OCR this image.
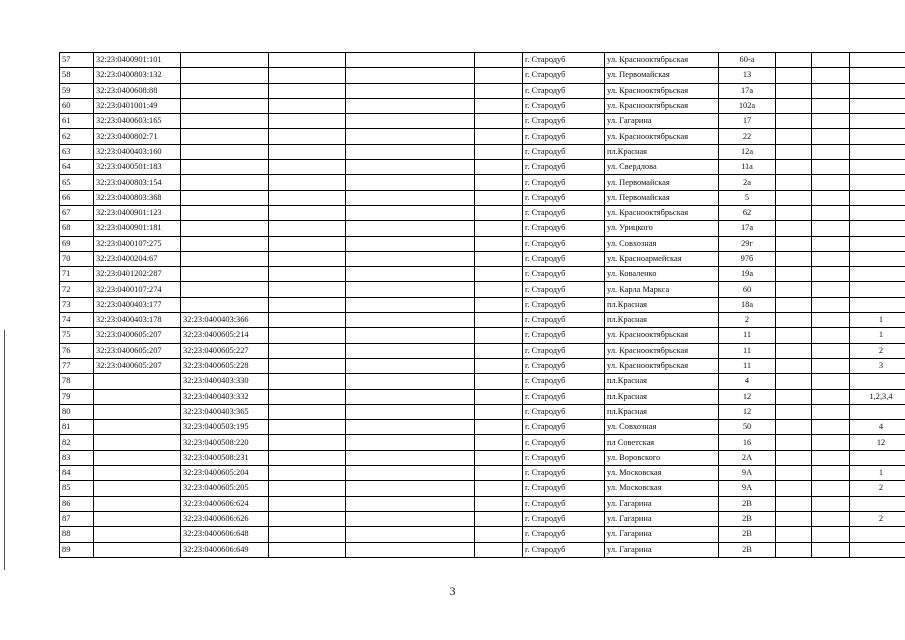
57	32:23:0400901:101					г. Стародуб	ул. Краснооктябрьская	60-а			
58	32:23:0400803:132					г. Стародуб	ул. Первомайская	13			
59	32:23:0400608:88					г. Стародуб	ул. Краснооктябрьская	17а			
60	32:23:0401001:49					г. Стародуб	ул. Краснооктябрьская	102а			
61	32:23:0400603:165					г. Стародуб	ул. Гагарина	17			
62	32:23:0400802:71					г. Стародуб	ул. Краснооктябрьская	22			
63	32:23:0400403:160					г. Стародуб	пл.Красная	12а			
64	32:23:0400501:183					г. Стародуб	ул. Свердлова	11а			
65	32:23:0400803:154					г. Стародуб	ул. Первомайская	2а			
66	32:23:0400803:368					г. Стародуб	ул. Первомайская	5			
67	32:23:0400901:123					г. Стародуб	ул. Краснооктябрьская	62			
68	32:23:0400901:181					г. Стародуб	ул. Урицкого	17а			
69	32:23:0400107:275					г. Стародуб	ул. Совхозная	29г			
70	32:23:0400204:67					г. Стародуб	ул. Красноармейская	97б			
71	32:23:0401202:287					г. Стародуб	ул. Коваленко	19а			
72	32:23:0400107:274					г. Стародуб	ул. Карла Маркса	60			
73	32:23:0400403:177					г. Стародуб	пл.Красная	18а			
74	32:23:0400403:178	32:23:0400403:366				г. Стародуб	пл.Красная	2			1
75	32:23:0400605:207	32:23:0400605:214				г. Стародуб	ул. Краснооктябрьская	11			1
76	32:23:0400605:207	32:23:0400605:227				г. Стародуб	ул. Краснооктябрьская	11			2
77	32:23:0400605:207	32:23:0400605:228				г. Стародуб	ул. Краснооктябрьская	11			3
78		32:23:0400403:330				г. Стародуб	пл.Красная	4			
79		32:23:0400403:332				г. Стародуб	пл.Красная	12			1,2,3,4
80		32:23:0400403:365				г. Стародуб	пл.Красная	12			
81		32:23:0400503:195				г. Стародуб	ул. Совхозная	50			4
82		32:23:0400508:220				г. Стародуб	пл Советская	16			12
83		32:23:0400508:231				г. Стародуб	ул. Воровского	2А			
84		32:23:0400605:204				г. Стародуб	ул. Московская	9А			1
85		32:23:0400605:205				г. Стародуб	ул. Московская	9А			2
86		32:23:0400606:624				г. Стародуб	ул. Гагарина	2В			
87		32:23:0400606:626				г. Стародуб	ул. Гагарина	2В			2
88		32:23:0400606:648				г. Стародуб	ул. Гагарина	2В			
89		32:23:0400606:649				г. Стародуб	ул. Гагарина	2В			
3
